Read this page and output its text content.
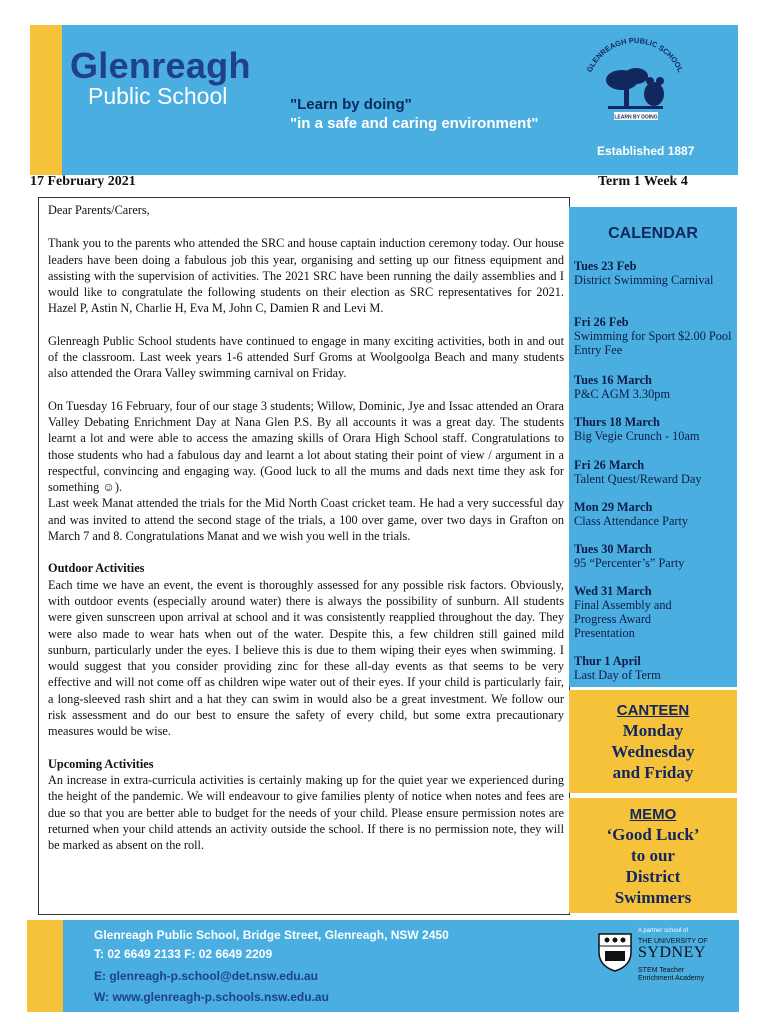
Glenreagh
Public School	"Learn by doing"
"in a safe and caring environment"
Established 1887
GLENREAGH PUBLIC SCHOOL
LEARN BY DOING
17 February 2021	Term 1 Week 4

Dear Parents/Carers,

Thank you to the parents who attended the SRC and house captain induction ceremony today. Our house leaders have been doing a fabulous job this year, organising and setting up our fitness equipment and assisting with the supervision of activities. The 2021 SRC have been running the daily assemblies and I would like to congratulate the following students on their election as SRC representatives for 2021. Hazel P, Astin N, Charlie H, Eva M, John C, Damien R and Levi M.

Glenreagh Public School students have continued to engage in many exciting activities, both in and out of the classroom. Last week years 1-6 attended Surf Groms at Woolgoolga Beach and many students also attended the Orara Valley swimming carnival on Friday.

On Tuesday 16 February, four of our stage 3 students; Willow, Dominic, Jye and Issac attended an Orara Valley Debating Enrichment Day at Nana Glen P.S. By all accounts it was a great day. The students learnt a lot and were able to access the amazing skills of Orara High School staff. Congratulations to those students who had a fabulous day and learnt a lot about stating their point of view / argument in a respectful, convincing and engaging way. (Good luck to all the mums and dads next time they ask for something ☺).

Last week Manat attended the trials for the Mid North Coast cricket team. He had a very successful day and was invited to attend the second stage of the trials, a 100 over game, over two days in Grafton on March 7 and 8. Congratulations Manat and we wish you well in the trials.

Outdoor Activities

Each time we have an event, the event is thoroughly assessed for any possible risk factors. Obviously, with outdoor events (especially around water) there is always the possibility of sunburn. All students were given sunscreen upon arrival at school and it was consistently reapplied throughout the day. They were also made to wear hats when out of the water. Despite this, a few children still gained mild sunburn, particularly under the eyes. I believe this is due to them wiping their eyes when swimming. I would suggest that you consider providing zinc for these all-day events as that seems to be very effective and will not come off as children wipe water out of their eyes. If your child is particularly fair, a long-sleeved rash shirt and a hat they can swim in would also be a great investment. We follow our risk assessment and do our best to ensure the safety of every child, but some extra precautionary measures would be wise.

Upcoming Activities

An increase in extra-curricula activities is certainly making up for the quiet year we experienced during the height of the pandemic. We will endeavour to give families plenty of notice when notes and fees are due so that you are better able to budget for the needs of your child. Please ensure permission notes are returned when your child attends an activity outside the school. If there is no permission note, they will be marked as absent on the roll.

CALENDAR
Tues 23 Feb
District Swimming Carnival
Fri 26 Feb
Swimming for Sport $2.00 Pool Entry Fee
Tues 16 March
P&C AGM 3.30pm
Thurs 18 March
Big Vegie Crunch - 10am
Fri 26 March
Talent Quest/Reward Day
Mon 29 March
Class Attendance Party
Tues 30 March
95 “Percenter’s” Party
Wed 31 March
Final Assembly and Progress Award Presentation
Thur 1 April
Last Day of Term
CANTEEN
Monday
Wednesday
and Friday
MEMO
‘Good Luck’
to our
District
Swimmers
Glenreagh Public School, Bridge Street, Glenreagh, NSW 2450
T: 02 6649 2133 F: 02 6649 2209
E: glenreagh-p.school@det.nsw.edu.au
W: www.glenreagh-p.schools.nsw.edu.au
A partner school of
THE UNIVERSITY OF
SYDNEY
STEM Teacher Enrichment Academy
